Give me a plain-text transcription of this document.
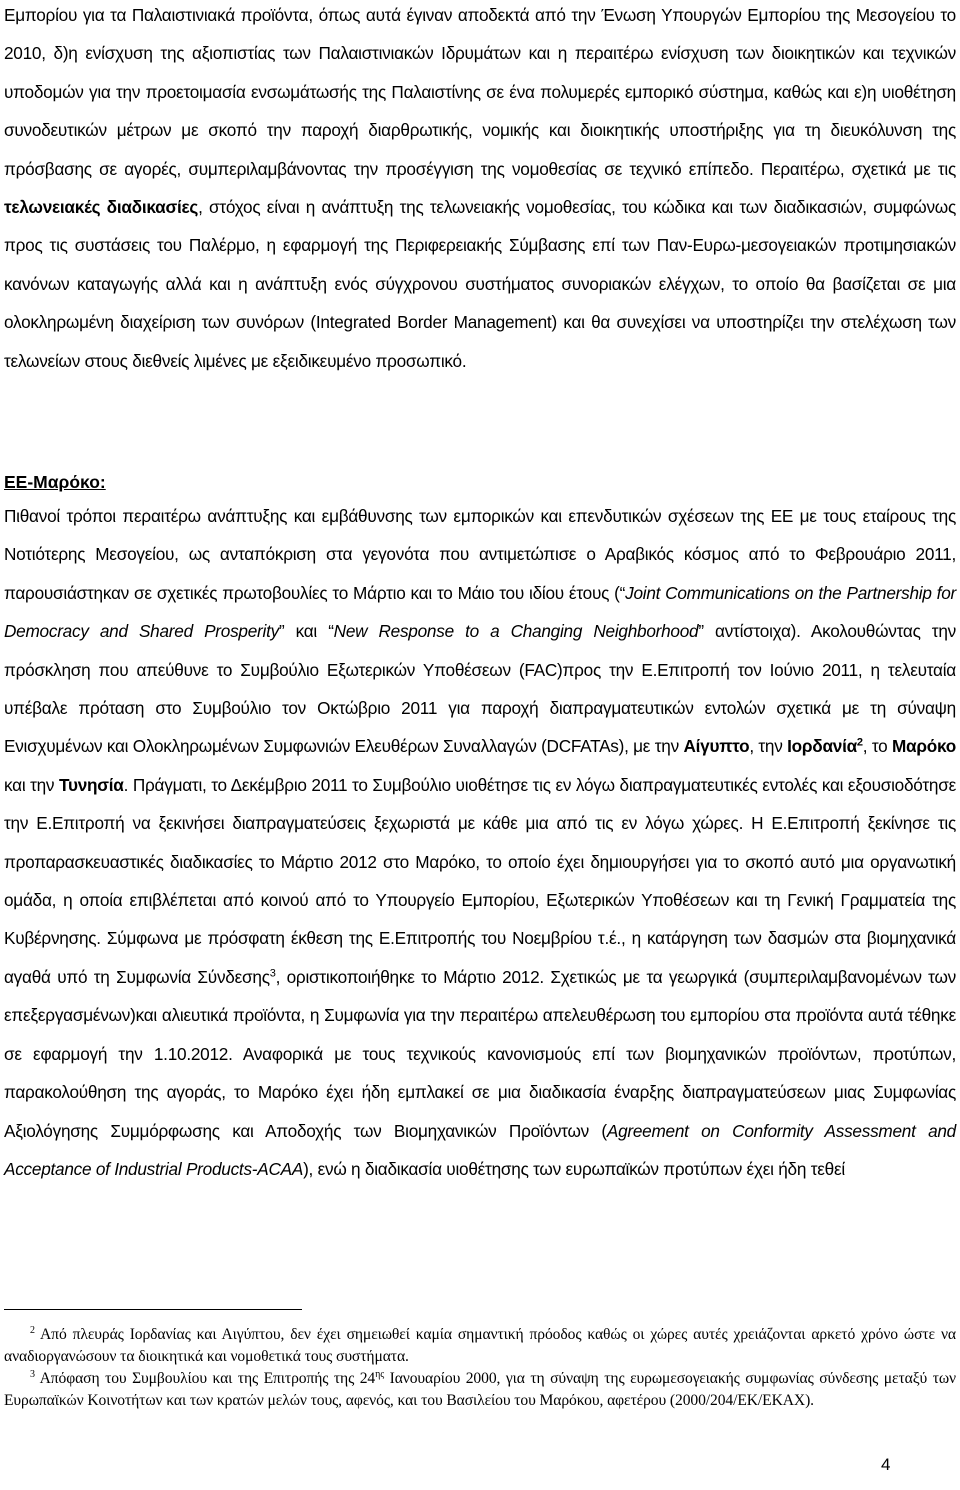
Εμπορίου για τα Παλαιστινιακά προϊόντα, όπως αυτά έγιναν αποδεκτά από την Ένωση Υπουργών Εμπορίου της Μεσογείου το 2010, δ)η ενίσχυση της αξιοπιστίας των Παλαιστινιακών Ιδρυμάτων και η περαιτέρω ενίσχυση των διοικητικών και τεχνικών υποδομών για την προετοιμασία ενσωμάτωσής της Παλαιστίνης σε ένα πολυμερές εμπορικό σύστημα, καθώς και ε)η υιοθέτηση συνοδευτικών μέτρων με σκοπό την παροχή διαρθρωτικής, νομικής και διοικητικής υποστήριξης για τη διευκόλυνση της πρόσβασης σε αγορές, συμπεριλαμβάνοντας την προσέγγιση της νομοθεσίας σε τεχνικό επίπεδο. Περαιτέρω, σχετικά με τις τελωνειακές διαδικασίες, στόχος είναι η ανάπτυξη της τελωνειακής νομοθεσίας, του κώδικα και των διαδικασιών, συμφώνως προς τις συστάσεις του Παλέρμο, η εφαρμογή της Περιφερειακής Σύμβασης επί των Παν-Ευρω-μεσογειακών προτιμησιακών κανόνων καταγωγής αλλά και η ανάπτυξη ενός σύγχρονου συστήματος συνοριακών ελέγχων, το οποίο θα βασίζεται σε μια ολοκληρωμένη διαχείριση των συνόρων (Integrated Border Management) και θα συνεχίσει να υποστηρίζει την στελέχωση των τελωνείων στους διεθνείς λιμένες με εξειδικευμένο προσωπικό.

ΕΕ-Μαρόκο:

Πιθανοί τρόποι περαιτέρω ανάπτυξης και εμβάθυνσης των εμπορικών και επενδυτικών σχέσεων της ΕΕ με τους εταίρους της Νοτιότερης Μεσογείου, ως ανταπόκριση στα γεγονότα που αντιμετώπισε ο Αραβικός κόσμος από το Φεβρουάριο 2011, παρουσιάστηκαν σε σχετικές πρωτοβουλίες το Μάρτιο και το Μάιο του ιδίου έτους (“Joint Communications on the Partnership for Democracy and Shared Prosperity” και “New Response to a Changing Neighborhood” αντίστοιχα). Ακολουθώντας την πρόσκληση που απεύθυνε το Συμβούλιο Εξωτερικών Υποθέσεων (FAC)προς την Ε.Επιτροπή τον Ιούνιο 2011, η τελευταία υπέβαλε πρόταση στο Συμβούλιο τον Οκτώβριο 2011 για παροχή διαπραγματευτικών εντολών σχετικά με τη σύναψη Ενισχυμένων και Ολοκληρωμένων Συμφωνιών Ελευθέρων Συναλλαγών (DCFATAs), με την Αίγυπτο, την Ιορδανία$^2$, το Μαρόκο και την Τυνησία. Πράγματι, το Δεκέμβριο 2011 το Συμβούλιο υιοθέτησε τις εν λόγω διαπραγματευτικές εντολές και εξουσιοδότησε την Ε.Επιτροπή να ξεκινήσει διαπραγματεύσεις ξεχωριστά με κάθε μια από τις εν λόγω χώρες. Η Ε.Επιτροπή ξεκίνησε τις προπαρασκευαστικές διαδικασίες το Μάρτιο 2012 στο Μαρόκο, το οποίο έχει δημιουργήσει για το σκοπό αυτό μια οργανωτική ομάδα, η οποία επιβλέπεται από κοινού από το Υπουργείο Εμπορίου, Εξωτερικών Υποθέσεων και τη Γενική Γραμματεία της Κυβέρνησης. Σύμφωνα με πρόσφατη έκθεση της Ε.Επιτροπής του Νοεμβρίου τ.έ., η κατάργηση των δασμών στα βιομηχανικά αγαθά υπό τη Συμφωνία Σύνδεσης$^3$, οριστικοποιήθηκε το Μάρτιο 2012. Σχετικώς με τα γεωργικά (συμπεριλαμβανομένων των επεξεργασμένων)και αλιευτικά προϊόντα, η Συμφωνία για την περαιτέρω απελευθέρωση του εμπορίου στα προϊόντα αυτά τέθηκε σε εφαρμογή την 1.10.2012. Αναφορικά με τους τεχνικούς κανονισμούς επί των βιομηχανικών προϊόντων, προτύπων, παρακολούθηση της αγοράς, το Μαρόκο έχει ήδη εμπλακεί σε μια διαδικασία έναρξης διαπραγματεύσεων μιας Συμφωνίας Αξιολόγησης Συμμόρφωσης και Αποδοχής των Βιομηχανικών Προϊόντων (Agreement on Conformity Assessment and Acceptance of Industrial Products-ACAA), ενώ η διαδικασία υιοθέτησης των ευρωπαϊκών προτύπων έχει ήδη τεθεί

$^2$ Από πλευράς Ιορδανίας και Αιγύπτου, δεν έχει σημειωθεί καμία σημαντική πρόοδος καθώς οι χώρες αυτές χρειάζονται αρκετό χρόνο ώστε να αναδιοργανώσουν τα διοικητικά και νομοθετικά τους συστήματα.

$^3$ Απόφαση του Συμβουλίου και της Επιτροπής της $24^{\eta\varsigma}$ Ιανουαρίου 2000, για τη σύναψη της ευρωμεσογειακής συμφωνίας σύνδεσης μεταξύ των Ευρωπαϊκών Κοινοτήτων και των κρατών μελών τους, αφενός, και του Βασιλείου του Μαρόκου, αφετέρου (2000/204/ΕΚ/ΕΚΑΧ).

4
